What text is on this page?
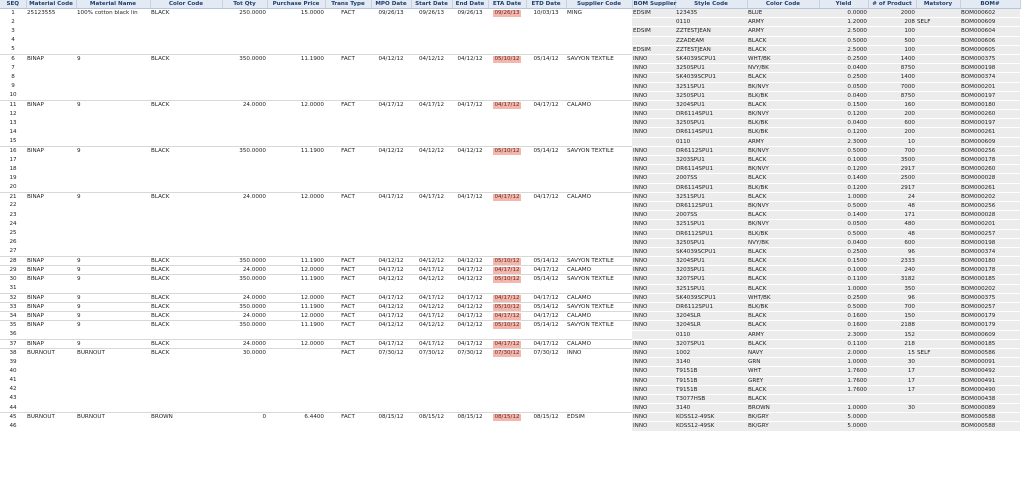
SEQ	Material Code	Material Name	Color Code	Tot Qty	Purchase Price	Trans Type	MPO Date	Start Date	End Date	ETA Date	ETD Date	Supplier Code	BOM Supplier	Style Code	Color Code	Yield	# of Product	Matstory	BOM#
1	25123555	100% cotton black lin	BLACK	250.0000	15.0000	FACT	09/26/13	09/26/13	09/26/13	09/26/13	10/03/13	MING	EDSIM	123435	BLUE	0.0000	2000		BOM000602
2														0110	ARMY	1.2000	208	SELF	BOM000609
3													EDSIM	ZZTESTJEAN	ARMY	2.5000	100		BOM000604
4														ZZADEAM	BLACK	0.5000	500		BOM000606
5													EDSIM	ZZTESTJEAN	BLACK	2.5000	100		BOM000605
6	BINAP	9	BLACK	350.0000	11.1900	FACT	04/12/12	04/12/12	04/12/12	05/10/12	05/14/12	SAVYON TEXTILE	INNO	SK4039SCPU1	WHT/BK	0.2500	1400		BOM000375
7													INNO	3250SPU1	NVY/BK	0.0400	8750		BOM000198
8													INNO	SK4039SCPU1	BLACK	0.2500	1400		BOM000374
9													INNO	3251SPU1	BK/NVY	0.0500	7000		BOM000201
10													INNO	3250SPU1	BLK/BK	0.0400	8750		BOM000197
11	BINAP	9	BLACK	24.0000	12.0000	FACT	04/17/12	04/17/12	04/17/12	04/17/12	04/17/12	CALAMO	INNO	3204SPU1	BLACK	0.1500	160		BOM000180
12													INNO	DR6114SPU1	BK/NVY	0.1200	200		BOM000260
13													INNO	3250SPU1	BLK/BK	0.0400	600		BOM000197
14													INNO	DR6114SPU1	BLK/BK	0.1200	200		BOM000261
15														0110	ARMY	2.3000	10		BOM000609
16	BINAP	9	BLACK	350.0000	11.1900	FACT	04/12/12	04/12/12	04/12/12	05/10/12	05/14/12	SAVYON TEXTILE	INNO	DR6112SPU1	BK/NVY	0.5000	700		BOM000256
17													INNO	3203SPU1	BLACK	0.1000	3500		BOM000178
18													INNO	DR6114SPU1	BK/NVY	0.1200	2917		BOM000260
19													INNO	2007SS	BLACK	0.1400	2500		BOM000028
20													INNO	DR6114SPU1	BLK/BK	0.1200	2917		BOM000261
21	BINAP	9	BLACK	24.0000	12.0000	FACT	04/17/12	04/17/12	04/17/12	04/17/12	04/17/12	CALAMO	INNO	3251SPU1	BLACK	1.0000	24		BOM000202
22													INNO	DR6112SPU1	BK/NVY	0.5000	48		BOM000256
23													INNO	2007SS	BLACK	0.1400	171		BOM000028
24													INNO	3251SPU1	BK/NVY	0.0500	480		BOM000201
25													INNO	DR6112SPU1	BLK/BK	0.5000	48		BOM000257
26													INNO	3250SPU1	NVY/BK	0.0400	600		BOM000198
27													INNO	SK4039SCPU1	BLACK	0.2500	96		BOM000374
28	BINAP	9	BLACK	350.0000	11.1900	FACT	04/12/12	04/12/12	04/12/12	05/10/12	05/14/12	SAVYON TEXTILE	INNO	3204SPU1	BLACK	0.1500	2333		BOM000180
29	BINAP	9	BLACK	24.0000	12.0000	FACT	04/17/12	04/17/12	04/17/12	04/17/12	04/17/12	CALAMO	INNO	3203SPU1	BLACK	0.1000	240		BOM000178
30	BINAP	9	BLACK	350.0000	11.1900	FACT	04/12/12	04/12/12	04/12/12	05/10/12	05/14/12	SAVYON TEXTILE	INNO	3207SPU1	BLACK	0.1100	3182		BOM000185
31													INNO	3251SPU1	BLACK	1.0000	350		BOM000202
32	BINAP	9	BLACK	24.0000	12.0000	FACT	04/17/12	04/17/12	04/17/12	04/17/12	04/17/12	CALAMO	INNO	SK4039SCPU1	WHT/BK	0.2500	96		BOM000375
33	BINAP	9	BLACK	350.0000	11.1900	FACT	04/12/12	04/12/12	04/12/12	05/10/12	05/14/12	SAVYON TEXTILE	INNO	DR6112SPU1	BLK/BK	0.5000	700		BOM000257
34	BINAP	9	BLACK	24.0000	12.0000	FACT	04/17/12	04/17/12	04/17/12	04/17/12	04/17/12	CALAMO	INNO	3204SLR	BLACK	0.1600	150		BOM000179
35	BINAP	9	BLACK	350.0000	11.1900	FACT	04/12/12	04/12/12	04/12/12	05/10/12	05/14/12	SAVYON TEXTILE	INNO	3204SLR	BLACK	0.1600	2188		BOM000179
36														0110	ARMY	2.3000	152		BOM000609
37	BINAP	9	BLACK	24.0000	12.0000	FACT	04/17/12	04/17/12	04/17/12	04/17/12	04/17/12	CALAMO	INNO	3207SPU1	BLACK	0.1100	218		BOM000185
38	BURNOUT	BURNOUT	BLACK	30.0000		FACT	07/30/12	07/30/12	07/30/12	07/30/12	07/30/12	INNO	INNO	1002	NAVY	2.0000	15	SELF	BOM000586
39													INNO	3140	GRN	1.0000	30		BOM000091
40													INNO	T9151B	WHT	1.7600	17		BOM000492
41													INNO	T9151B	GREY	1.7600	17		BOM000491
42													INNO	T9151B	BLACK	1.7600	17		BOM000490
43													INNO	T3077HSB	BLACK				BOM000438
44													INNO	3140	BROWN	1.0000	30		BOM000089
45	BURNOUT	BURNOUT	BROWN	0	6.4400	FACT	08/15/12	08/15/12	08/15/12	08/15/12	08/15/12	EDSIM	INNO	KOSS12-49SK	BK/GRY	5.0000			BOM000588
46													INNO	KOSS12-49SK	BK/GRY	5.0000			BOM000588
